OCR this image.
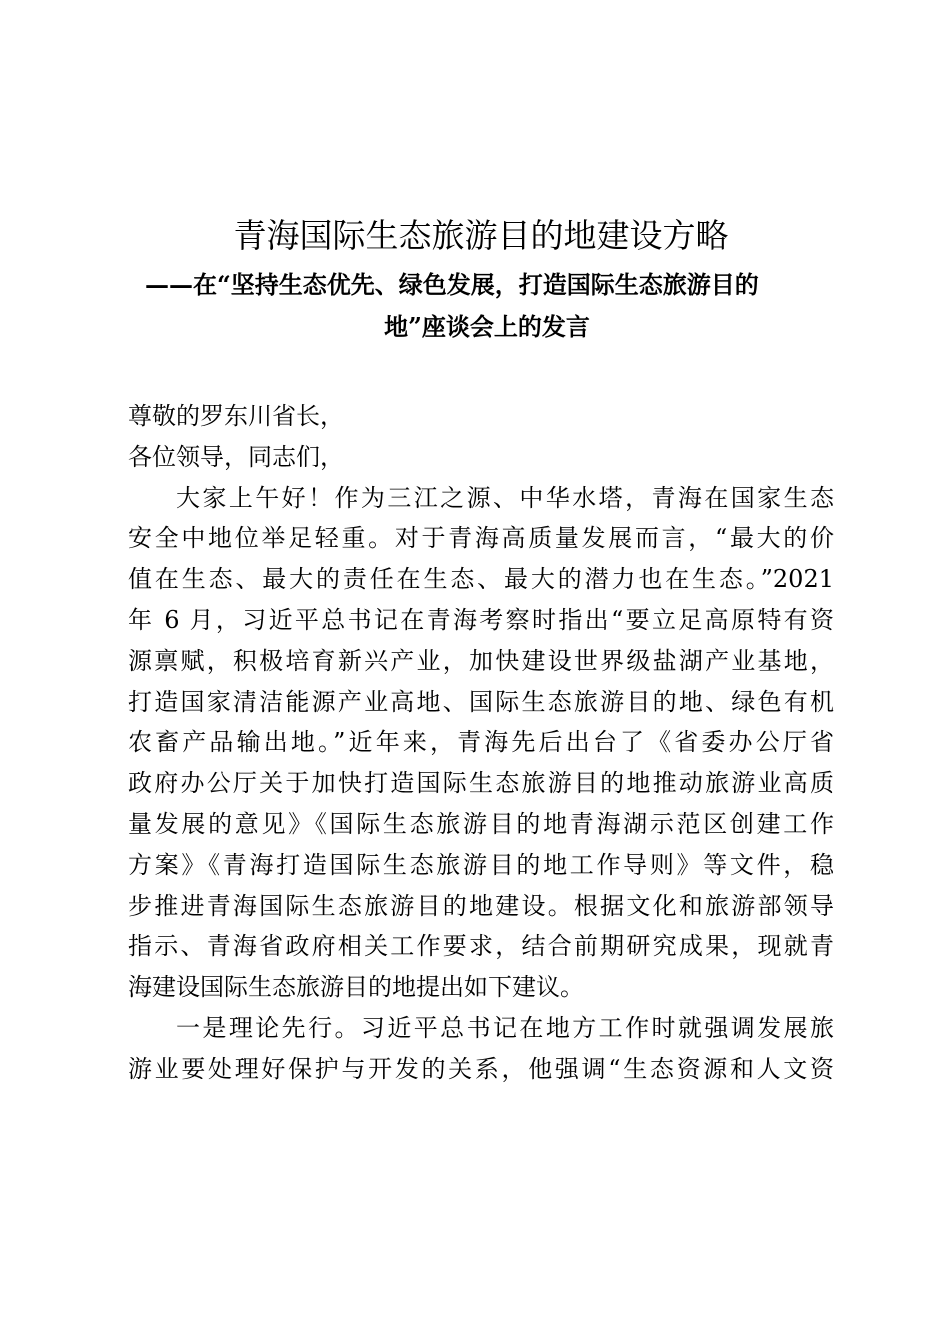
青海国际生态旅游目的地建设方略
——在“坚持生态优先、绿色发展，打造国际生态旅游目的
地”座谈会上的发言
尊敬的罗东川省长，
各位领导，同志们，
大家上午好！作为三江之源、中华水塔，青海在国家生态
安全中地位举足轻重。对于青海高质量发展而言，“最大的价
值在生态、最大的责任在生态、最大的潜力也在生态。”2021
年 6 月，习近平总书记在青海考察时指出“要立足高原特有资
源禀赋，积极培育新兴产业，加快建设世界级盐湖产业基地，
打造国家清洁能源产业高地、国际生态旅游目的地、绿色有机
农畜产品输出地。”近年来，青海先后出台了《省委办公厅省
政府办公厅关于加快打造国际生态旅游目的地推动旅游业高质
量发展的意见》《国际生态旅游目的地青海湖示范区创建工作
方案》《青海打造国际生态旅游目的地工作导则》等文件，稳
步推进青海国际生态旅游目的地建设。根据文化和旅游部领导
指示、青海省政府相关工作要求，结合前期研究成果，现就青
海建设国际生态旅游目的地提出如下建议。
一是理论先行。习近平总书记在地方工作时就强调发展旅
游业要处理好保护与开发的关系，他强调“生态资源和人文资
